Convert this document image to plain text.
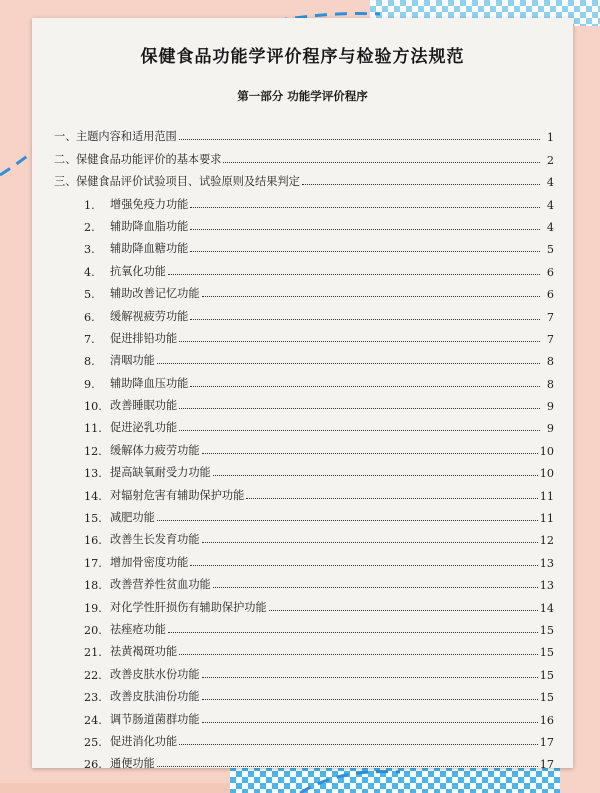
保健食品功能学评价程序与检验方法规范
第一部分 功能学评价程序
一、 主题内容和适用范围	1
二、 保健食品功能评价的基本要求	2
三、 保健食品评价试验项目、试验原则及结果判定	4
1.	增强免疫力功能	4
2.	辅助降血脂功能	4
3.	辅助降血糖功能	5
4.	抗氧化功能	6
5.	辅助改善记忆功能	6
6.	缓解视疲劳功能	7
7.	促进排铅功能	7
8.	清咽功能	8
9.	辅助降血压功能	8
10. 改善睡眠功能	9
11. 促进泌乳功能	9
12. 缓解体力疲劳功能	10
13. 提高缺氧耐受力功能	10
14. 对辐射危害有辅助保护功能	11
15. 减肥功能	11
16. 改善生长发育功能	12
17. 增加骨密度功能	13
18. 改善营养性贫血功能	13
19. 对化学性肝损伤有辅助保护功能	14
20. 祛痤疮功能	15
21. 祛黄褐斑功能	15
22. 改善皮肤水份功能	15
23. 改善皮肤油份功能	15
24. 调节肠道菌群功能	16
25. 促进消化功能	17
26. 通便功能	17
